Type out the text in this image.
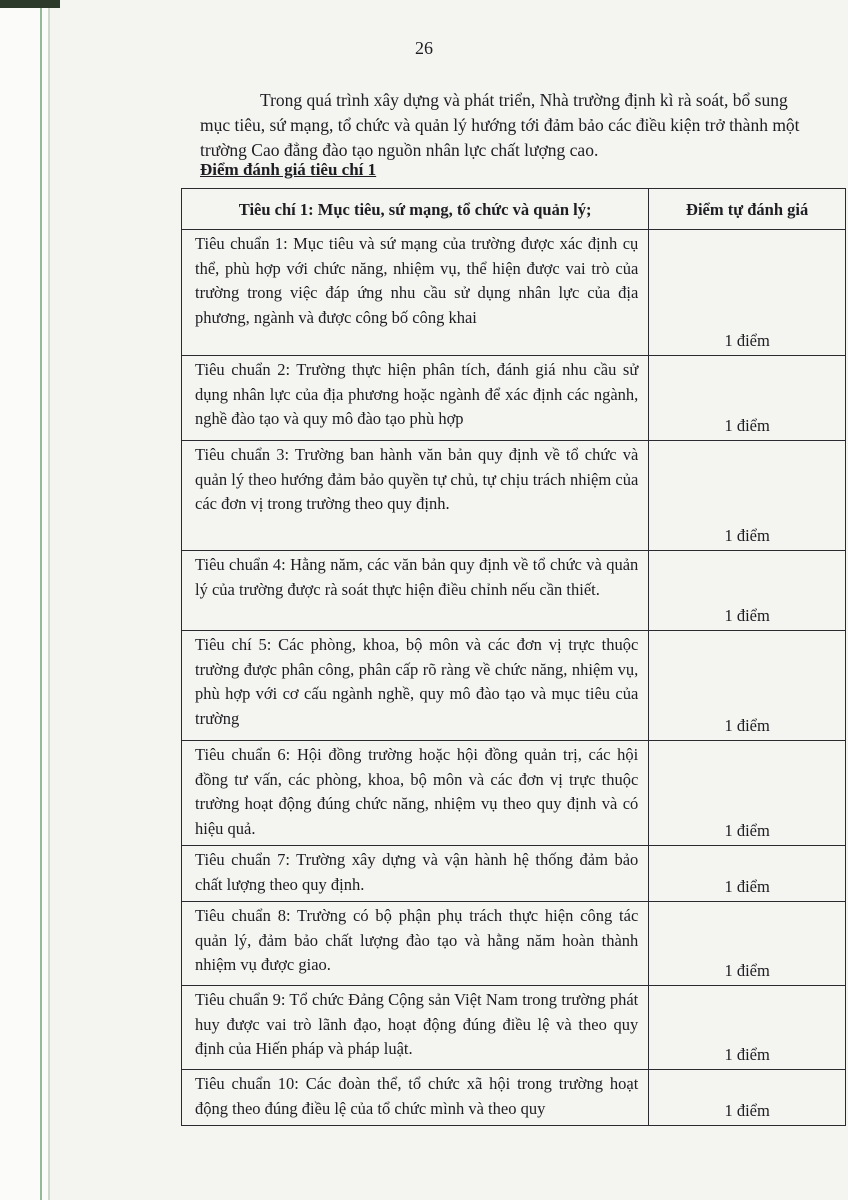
26

Trong quá trình xây dựng và phát triển, Nhà trường định kì rà soát, bổ sung

mục tiêu, sứ mạng, tổ chức và quản lý hướng tới đảm bảo các điều kiện trở thành một

trường Cao đẳng đào tạo nguồn nhân lực chất lượng cao.

Điểm đánh giá tiêu chí 1
Tiêu chí 1: Mục tiêu, sứ mạng, tổ chức và quản lý;	Điểm tự đánh giá
Tiêu chuẩn 1: Mục tiêu và sứ mạng của trường được xác định cụ thể, phù hợp với chức năng, nhiệm vụ, thể hiện được vai trò của trường trong việc đáp ứng nhu cầu sử dụng nhân lực của địa phương, ngành và được công bố công khai	1 điểm
Tiêu chuẩn 2: Trường thực hiện phân tích, đánh giá nhu cầu sử dụng nhân lực của địa phương hoặc ngành để xác định các ngành, nghề đào tạo và quy mô đào tạo phù hợp	1 điểm
Tiêu chuẩn 3: Trường ban hành văn bản quy định về tổ chức và quản lý theo hướng đảm bảo quyền tự chủ, tự chịu trách nhiệm của các đơn vị trong trường theo quy định.	1 điểm
Tiêu chuẩn 4: Hằng năm, các văn bản quy định về tổ chức và quản lý của trường được rà soát thực hiện điều chỉnh nếu cần thiết.	1 điểm
Tiêu chí 5: Các phòng, khoa, bộ môn và các đơn vị trực thuộc trường được phân công, phân cấp rõ ràng về chức năng, nhiệm vụ, phù hợp với cơ cấu ngành nghề, quy mô đào tạo và mục tiêu của trường	1 điểm
Tiêu chuẩn 6: Hội đồng trường hoặc hội đồng quản trị, các hội đồng tư vấn, các phòng, khoa, bộ môn và các đơn vị trực thuộc trường hoạt động đúng chức năng, nhiệm vụ theo quy định và có hiệu quả.	1 điểm
Tiêu chuẩn 7: Trường xây dựng và vận hành hệ thống đảm bảo chất lượng theo quy định.	1 điểm
Tiêu chuẩn 8: Trường có bộ phận phụ trách thực hiện công tác quản lý, đảm bảo chất lượng đào tạo và hằng năm hoàn thành nhiệm vụ được giao.	1 điểm
Tiêu chuẩn 9: Tổ chức Đảng Cộng sản Việt Nam trong trường phát huy được vai trò lãnh đạo, hoạt động đúng điều lệ và theo quy định của Hiến pháp và pháp luật.	1 điểm
Tiêu chuẩn 10: Các đoàn thể, tổ chức xã hội trong trường hoạt động theo đúng điều lệ của tổ chức mình và theo quy	1 điểm
